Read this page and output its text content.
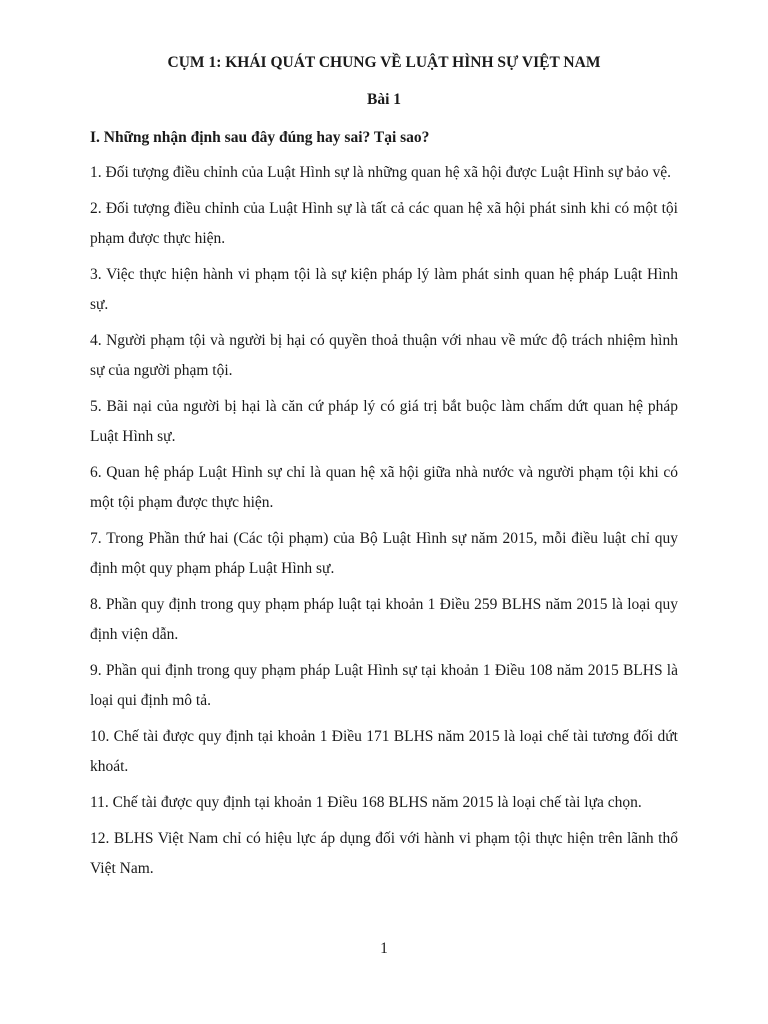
CỤM 1: KHÁI QUÁT CHUNG VỀ LUẬT HÌNH SỰ VIỆT NAM
Bài 1
I. Những nhận định sau đây đúng hay sai? Tại sao?
1. Đối tượng điều chỉnh của Luật Hình sự là những quan hệ xã hội được Luật Hình sự bảo vệ.
2. Đối tượng điều chỉnh của Luật Hình sự là tất cả các quan hệ xã hội phát sinh khi có một tội phạm được thực hiện.
3. Việc thực hiện hành vi phạm tội là sự kiện pháp lý làm phát sinh quan hệ pháp Luật Hình sự.
4. Người phạm tội và người bị hại có quyền thoả thuận với nhau về mức độ trách nhiệm hình sự của người phạm tội.
5. Bãi nại của người bị hại là căn cứ pháp lý có giá trị bắt buộc làm chấm dứt quan hệ pháp Luật Hình sự.
6. Quan hệ pháp Luật Hình sự chỉ là quan hệ xã hội giữa nhà nước và người phạm tội khi có một tội phạm được thực hiện.
7. Trong Phần thứ hai (Các tội phạm) của Bộ Luật Hình sự năm 2015, mỗi điều luật chỉ quy định một quy phạm pháp Luật Hình sự.
8. Phần quy định trong quy phạm pháp luật tại khoản 1 Điều 259 BLHS năm 2015 là loại quy định viện dẫn.
9. Phần qui định trong quy phạm pháp Luật Hình sự tại khoản 1 Điều 108 năm 2015 BLHS là loại qui định mô tả.
10. Chế tài được quy định tại khoản 1 Điều 171 BLHS năm 2015 là loại chế tài tương đối dứt khoát.
11. Chế tài được quy định tại khoản 1 Điều 168 BLHS năm 2015 là loại chế tài lựa chọn.
12. BLHS Việt Nam chỉ có hiệu lực áp dụng đối với hành vi phạm tội thực hiện trên lãnh thổ Việt Nam.
1
